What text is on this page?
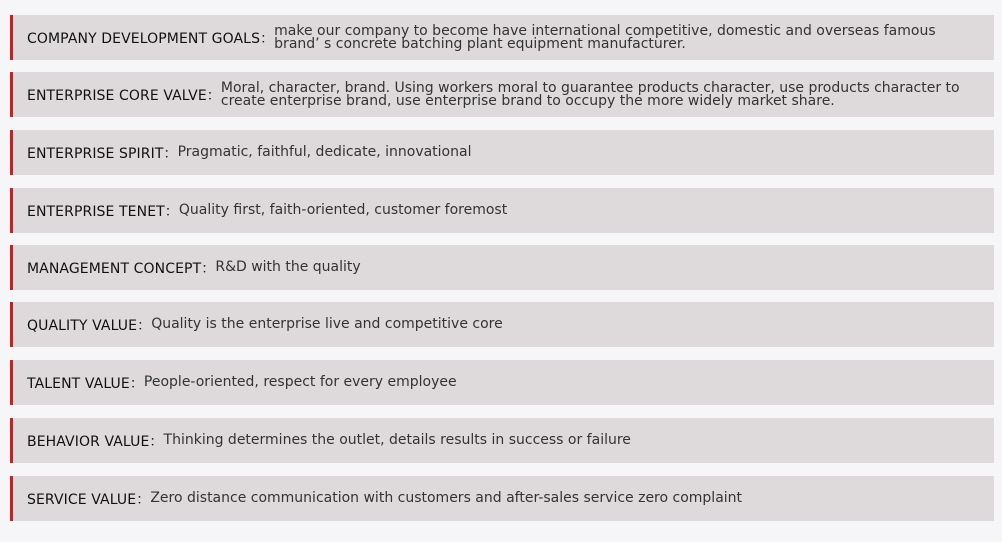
COMPANY DEVELOPMENT GOALS： make our company to become have international competitive, domestic and overseas famous brand’ s concrete batching plant equipment manufacturer.
ENTERPRISE CORE VALVE： Moral, character, brand. Using workers moral to guarantee products character, use products character to create enterprise brand, use enterprise brand to occupy the more widely market share.
ENTERPRISE SPIRIT： Pragmatic, faithful, dedicate, innovational
ENTERPRISE TENET： Quality first, faith-oriented, customer foremost
MANAGEMENT CONCEPT： R&D with the quality
QUALITY VALUE： Quality is the enterprise live and competitive core
TALENT VALUE： People-oriented, respect for every employee
BEHAVIOR VALUE： Thinking determines the outlet, details results in success or failure
SERVICE VALUE： Zero distance communication with customers and after-sales service zero complaint
